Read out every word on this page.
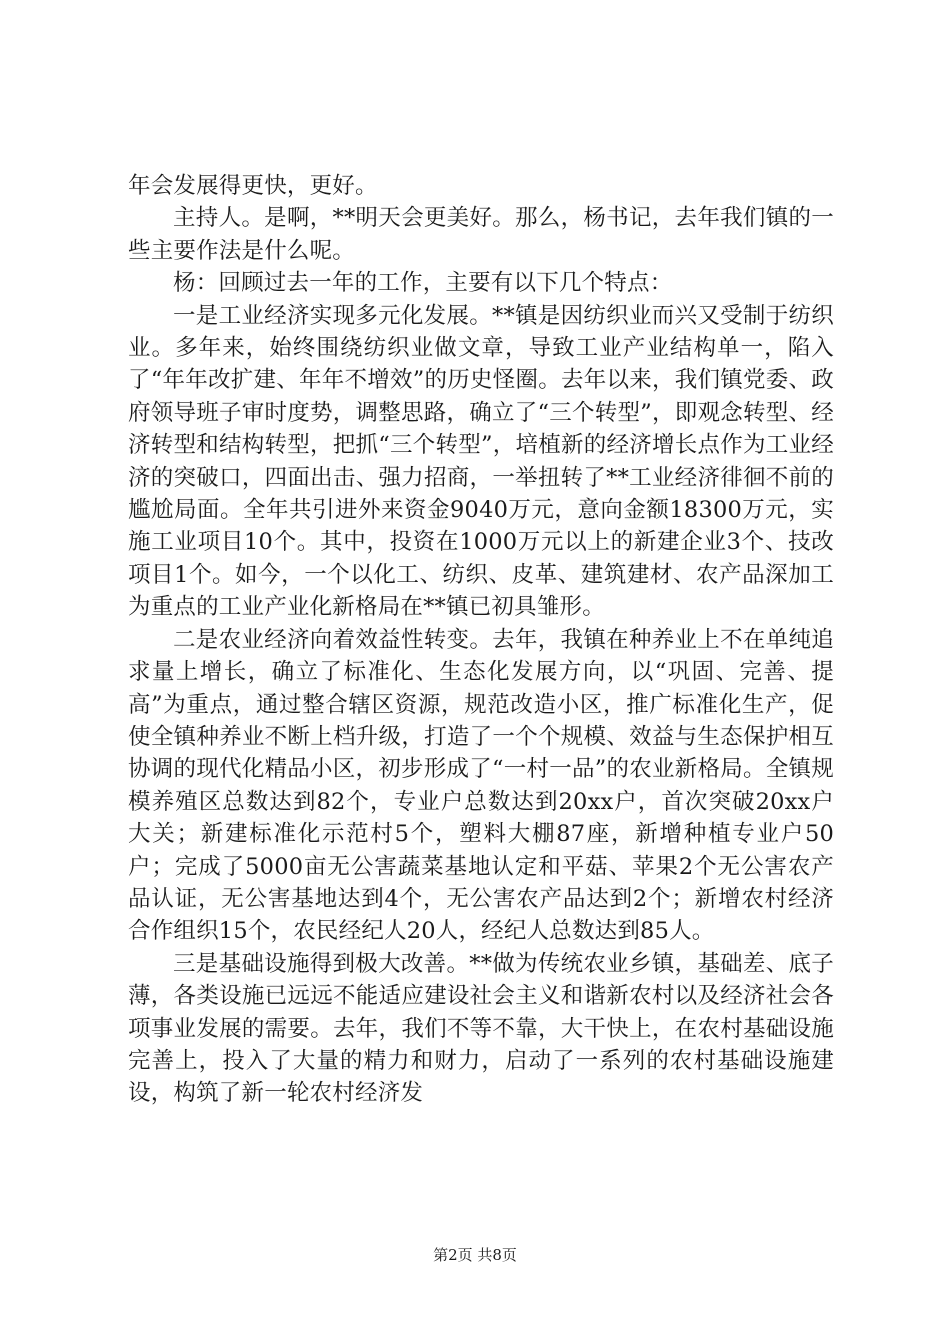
年会发展得更快，更好。

主持人。是啊，**明天会更美好。那么，杨书记，去年我们镇的一些主要作法是什么呢。

杨：回顾过去一年的工作，主要有以下几个特点：

一是工业经济实现多元化发展。**镇是因纺织业而兴又受制于纺织业。多年来，始终围绕纺织业做文章，导致工业产业结构单一，陷入了“年年改扩建、年年不增效”的历史怪圈。去年以来，我们镇党委、政府领导班子审时度势，调整思路，确立了“三个转型”，即观念转型、经济转型和结构转型，把抓“三个转型”，培植新的经济增长点作为工业经济的突破口，四面出击、强力招商，一举扭转了**工业经济徘徊不前的尴尬局面。全年共引进外来资金9040万元，意向金额18300万元，实施工业项目10个。其中，投资在1000万元以上的新建企业3个、技改项目1个。如今，一个以化工、纺织、皮革、建筑建材、农产品深加工为重点的工业产业化新格局在**镇已初具雏形。

二是农业经济向着效益性转变。去年，我镇在种养业上不在单纯追求量上增长，确立了标准化、生态化发展方向，以“巩固、完善、提高”为重点，通过整合辖区资源，规范改造小区，推广标准化生产，促使全镇种养业不断上档升级，打造了一个个规模、效益与生态保护相互协调的现代化精品小区，初步形成了“一村一品”的农业新格局。全镇规模养殖区总数达到82个，专业户总数达到20xx户，首次突破20xx户大关；新建标准化示范村5个，塑料大棚87座，新增种植专业户50户；完成了5000亩无公害蔬菜基地认定和平菇、苹果2个无公害农产品认证，无公害基地达到4个，无公害农产品达到2个；新增农村经济合作组织15个，农民经纪人20人，经纪人总数达到85人。

三是基础设施得到极大改善。**做为传统农业乡镇，基础差、底子薄，各类设施已远远不能适应建设社会主义和谐新农村以及经济社会各项事业发展的需要。去年，我们不等不靠，大干快上，在农村基础设施完善上，投入了大量的精力和财力，启动了一系列的农村基础设施建设，构筑了新一轮农村经济发

第2页 共8页
